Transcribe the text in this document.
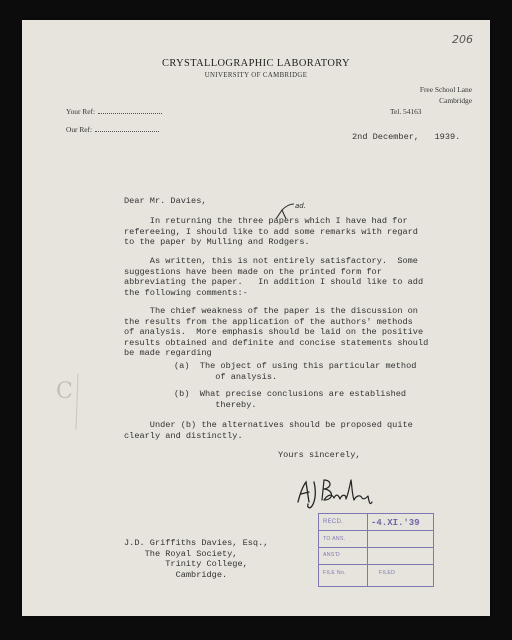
206
CRYSTALLOGRAPHIC LABORATORY
UNIVERSITY OF CAMBRIDGE
Free School Lane
Cambridge
Tel. 54163
Your Ref:
Our Ref:

2nd December,   1939.

Dear Mr. Davies,

In returning the three papers which I have had for

refereeing, I should like to add some remarks with regard

to the paper by Mulling and Rodgers.

ad.

As written, this is not entirely satisfactory.  Some

suggestions have been made on the printed form for

abbreviating the paper.   In addition I should like to add

the following comments:-

The chief weakness of the paper is the discussion on

the results from the application of the authors' methods

of analysis.  More emphasis should be laid on the positive

results obtained and definite and concise statements should

be made regarding

(a)  The object of using this particular method

of analysis.

(b)  What precise conclusions are established

thereby.

Under (b) the alternatives should be proposed quite

clearly and distinctly.

Yours sincerely,

J.D. Griffiths Davies, Esq.,

The Royal Society,

Trinity College,

Cambridge.

C
RECD.	-4.XI.'39
TO ANS.
ANS'D
FILE No.	FILED
